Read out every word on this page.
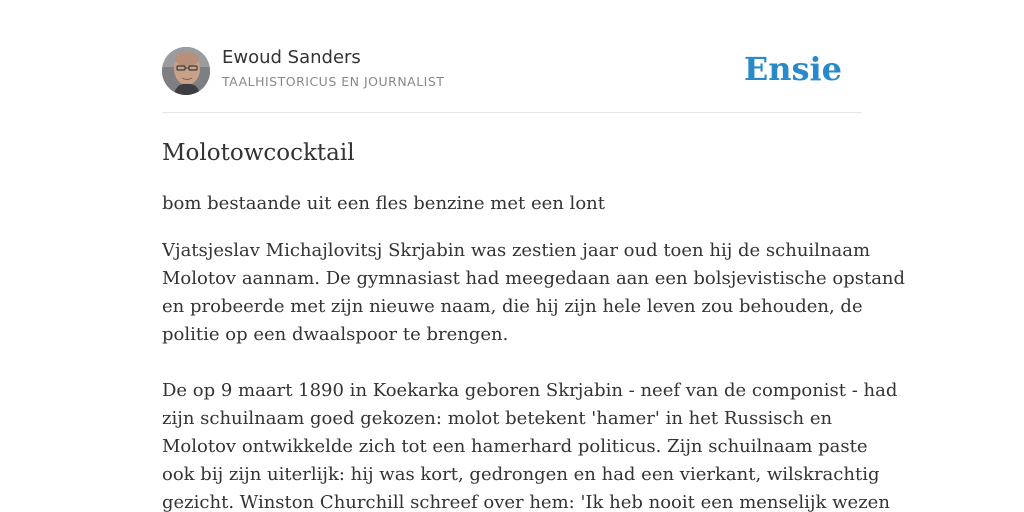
Ewoud Sanders
TAALHISTORICUS EN JOURNALIST	Ensie
Molotowcocktail
bom bestaande uit een fles benzine met een lont

Vjatsjeslav Michajlovitsj Skrjabin was zestien jaar oud toen hij de schuilnaam
Molotov aannam. De gymnasiast had meegedaan aan een bolsjevistische opstand
en probeerde met zijn nieuwe naam, die hij zijn hele leven zou behouden, de
politie op een dwaalspoor te brengen.

De op 9 maart 1890 in Koekarka geboren Skrjabin - neef van de componist - had
zijn schuilnaam goed gekozen: molot betekent 'hamer' in het Russisch en
Molotov ontwikkelde zich tot een hamerhard politicus. Zijn schuilnaam paste
ook bij zijn uiterlijk: hij was kort, gedrongen en had een vierkant, wilskrachtig
gezicht. Winston Churchill schreef over hem: 'Ik heb nooit een menselijk wezen
